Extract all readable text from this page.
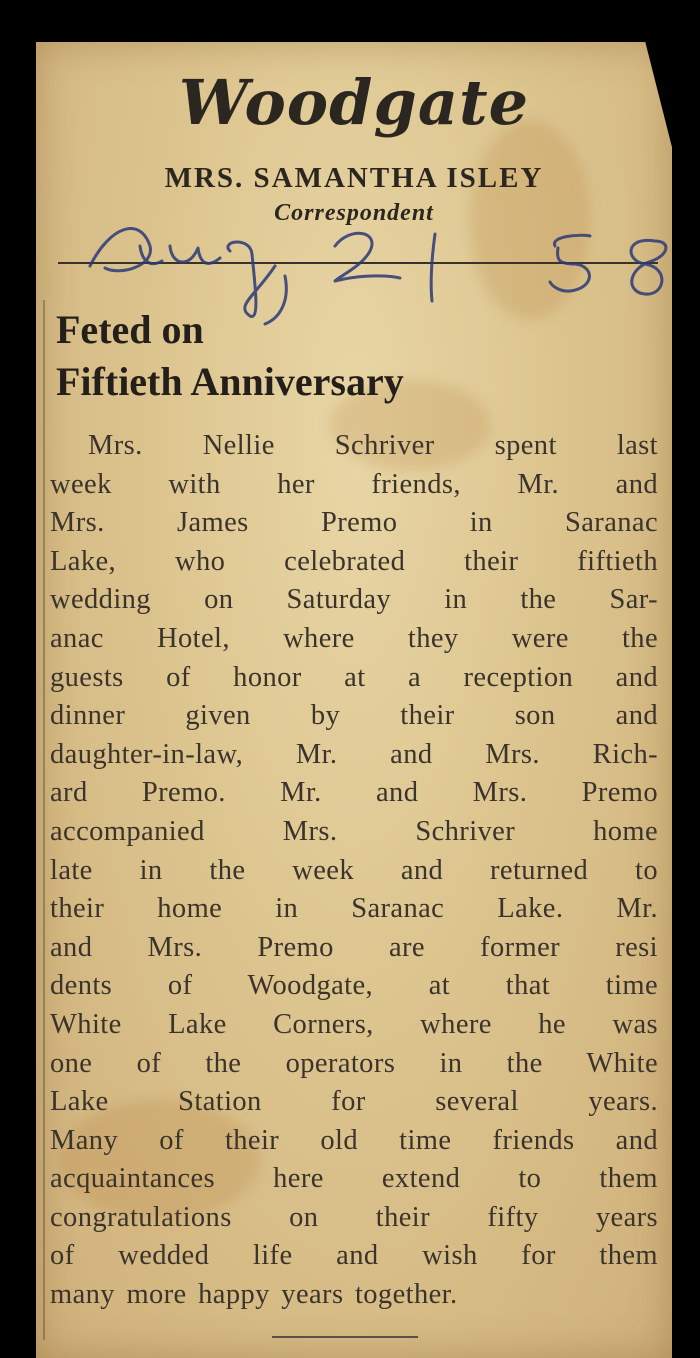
Woodgate
MRS. SAMANTHA ISLEY
Correspondent
Feted on
Fiftieth Anniversary
Mrs. Nellie Schriver spent last
week with her friends, Mr. and
Mrs. James Premo in Saranac
Lake, who celebrated their fiftieth
wedding on Saturday in the Sar-
anac Hotel, where they were the
guests of honor at a reception and
dinner given by their son and
daughter-in-law, Mr. and Mrs. Rich-
ard Premo. Mr. and Mrs. Premo
accompanied Mrs. Schriver home
late in the week and returned to
their home in Saranac Lake. Mr.
and Mrs. Premo are former resi
dents of Woodgate, at that time
White Lake Corners, where he was
one of the operators in the White
Lake Station for several years.
Many of their old time friends and
acquaintances here extend to them
congratulations on their fifty years
of wedded life and wish for them
many more happy years together.
